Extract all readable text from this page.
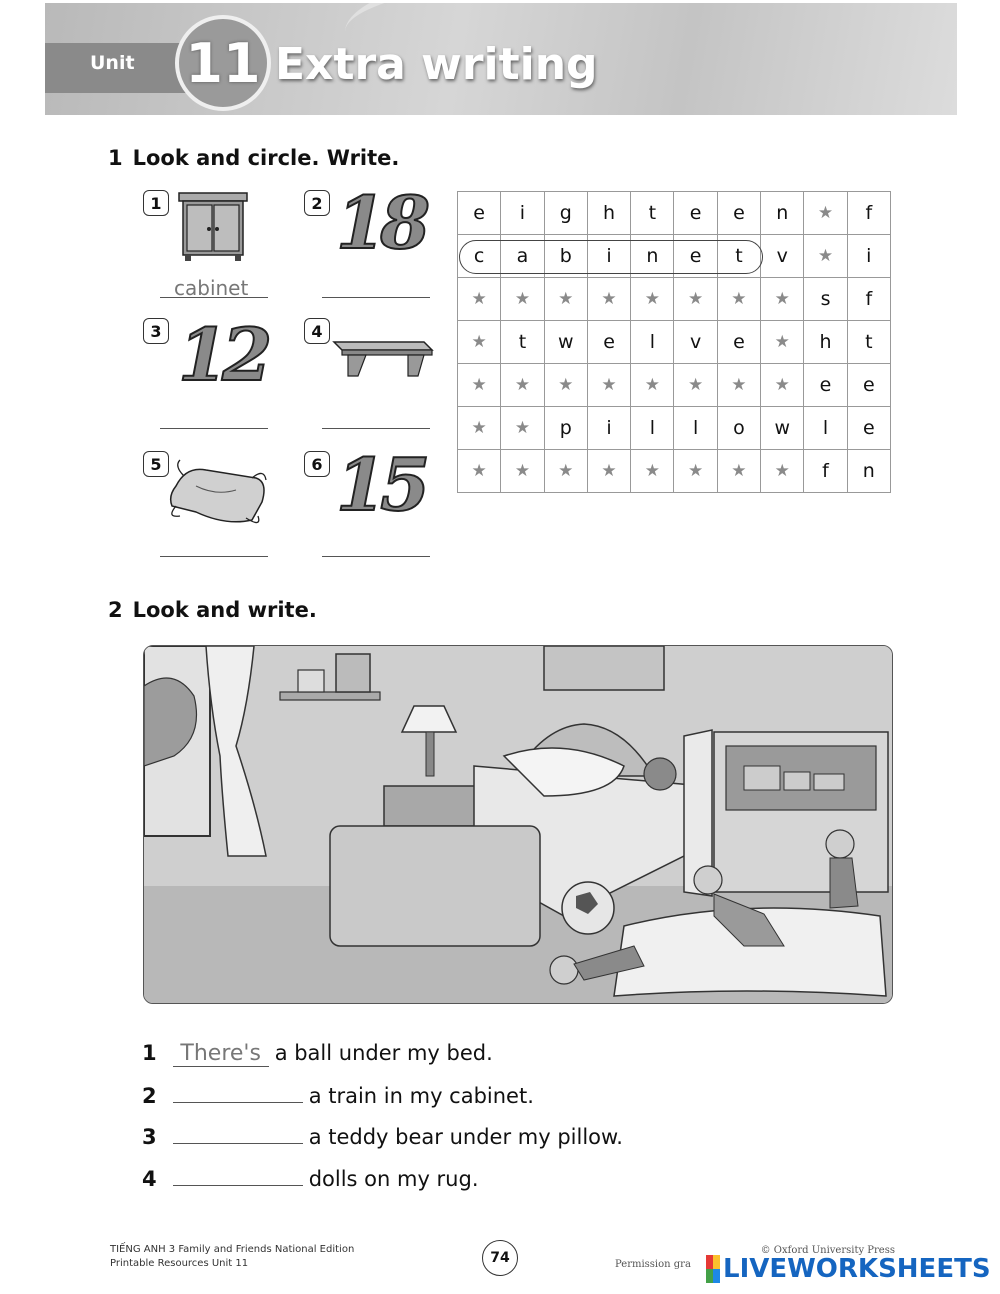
Unit 11 Extra writing
1 Look and circle. Write.
1
cabinet
2 18
3 12	4
5	6 15
e	i	g	h	t	e	e	n	★	f
c	a	b	i	n	e	t	v	★	i
★	★	★	★	★	★	★	★	s	f
★	t	w	e	l	v	e	★	h	t
★	★	★	★	★	★	★	★	e	e
★	★	p	i	l	l	o	w	l	e
★	★	★	★	★	★	★	★	f	n
2 Look and write.
1 There's a ball under my bed.
2	a train in my cabinet.
3	a teddy bear under my pillow.
4	dolls on my rug.
TIẾNG ANH 3 Family and Friends National Edition
Printable Resources Unit 11	74	© Oxford University Press
Permission gra	LIVEWORKSHEETS
